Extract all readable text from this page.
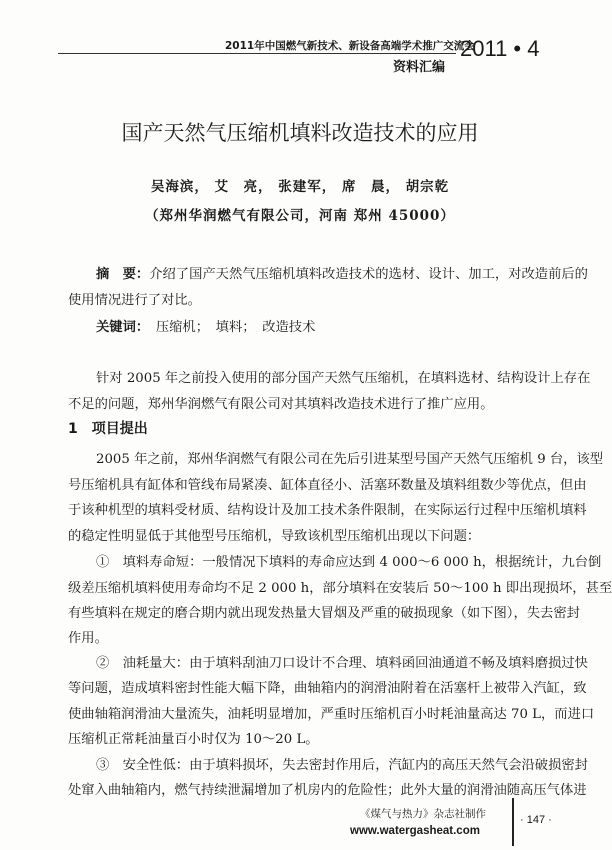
2011年中国燃气新技术、新设备高端学术推广交流会
2011 • 4
资料汇编
国产天然气压缩机填料改造技术的应用
吴海滨， 艾　亮， 张建军， 席　晨， 胡宗乾
（郑州华润燃气有限公司，河南 郑州 45000）
摘　要：介绍了国产天然气压缩机填料改造技术的选材、设计、加工，对改造前后的
使用情况进行了对比。
关键词：　 压缩机；　填料；　改造技术
针对 2005 年之前投入使用的部分国产天然气压缩机，在填料选材、结构设计上存在
不足的问题，郑州华润燃气有限公司对其填料改造技术进行了推广应用。
1　项目提出
2005 年之前，郑州华润燃气有限公司在先后引进某型号国产天然气压缩机 9 台，该型
号压缩机具有缸体和管线布局紧凑、缸体直径小、活塞环数量及填料组数少等优点，但由
于该种机型的填料受材质、结构设计及加工技术条件限制，在实际运行过程中压缩机填料
的稳定性明显低于其他型号压缩机，导致该机型压缩机出现以下问题：
①　填料寿命短：一般情况下填料的寿命应达到 4 000～6 000 h，根据统计，九台倒
级差压缩机填料使用寿命均不足 2 000 h，部分填料在安装后 50～100 h 即出现损坏，甚至
有些填料在规定的磨合期内就出现发热量大冒烟及严重的破损现象（如下图），失去密封
作用。
②　油耗量大：由于填料刮油刀口设计不合理、填料函回油通道不畅及填料磨损过快
等问题，造成填料密封性能大幅下降，曲轴箱内的润滑油附着在活塞杆上被带入汽缸，致
使曲轴箱润滑油大量流失，油耗明显增加，严重时压缩机百小时耗油量高达 70 L，而进口
压缩机正常耗油量百小时仅为 10～20 L。
③　安全性低：由于填料损坏，失去密封作用后，汽缸内的高压天然气会沿破损密封
处窜入曲轴箱内，燃气持续泄漏增加了机房内的危险性；此外大量的润滑油随高压气体进
《煤气与热力》杂志社制作
www.watergasheat.com
· 147 ·
